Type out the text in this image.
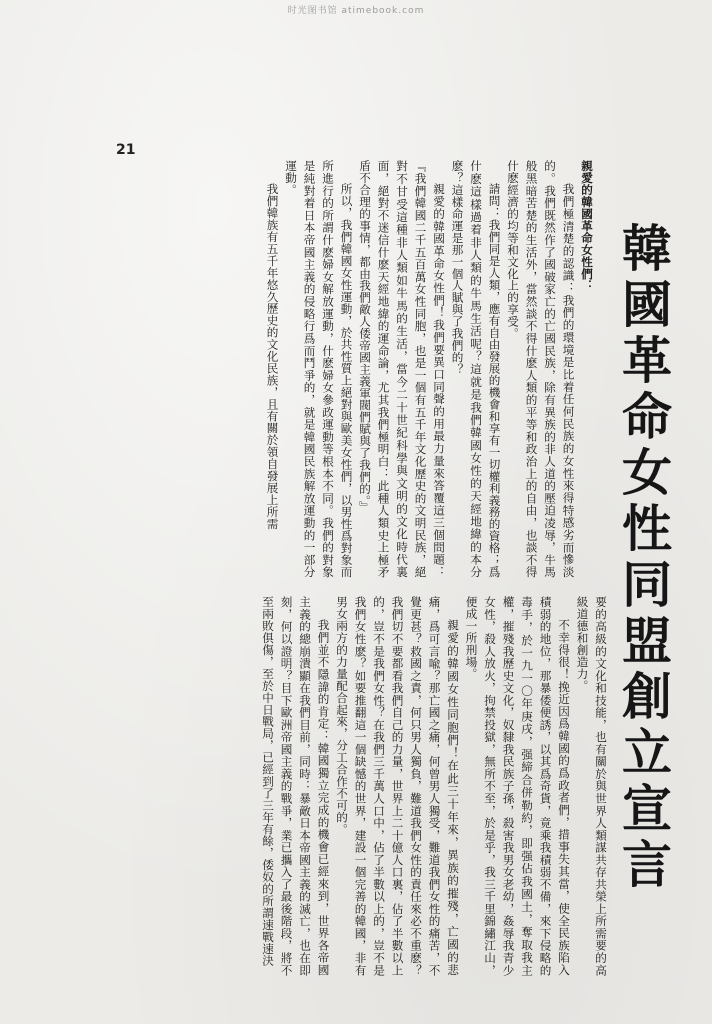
时光图书馆 atimebook.com
21
韓國革命女性同盟創立宣言

親愛的韓國革命女性們：

我們極清楚的認識：我們的環境是比着任何民族的女性來得特感劣而慘淡的。我們既然作了國破家亡的亡國民族，除有異族的非人道的壓迫凌辱，牛馬般黑暗苦楚的生活外，當然談不得什麽人類的平等和政治上的自由，也談不得什麽經濟的均等和文化上的享受。

請問：我們同是人類，應有自由發展的機會和享有一切權利義務的資格；爲什麽這樣過着非人類的牛馬生活呢？這就是我們韓國女性的天經地緯的本分麽？這樣命運是那一個人賦與了我們的？

親愛的韓國革命女性們！我們要異口同聲的用最力量來答覆這三個問題：『我們韓國二千五百萬女性同胞，也是一個有五千年文化歷史的文明民族，絕對不甘受這種非人類如牛馬的生活，當今二十世紀科學與文明的文化時代裏面，絕對不迷信什麽天經地緯的運命論，尤其我們極明白：此種人類史上極矛盾不合理的事情，都由我們敵人倭帝國主義軍閥們賦與了我們的。』

所以，我們韓國女性運動，於共性質上絕對與歐美女性們，以男性爲對象而所進行的所謂什麽婦女解放運動，什麽婦女參政運動等根本不同。我們的對象是純對着日本帝國主義的侵略行爲而鬥爭的，就是韓國民族解放運動的一部分運動。

我們韓族有五千年悠久歷史的文化民族，且有關於領自發展上所需

要的高級的文化和技能，也有關於與世界人類謀共存共榮上所需要的高級道德和創造力。

不幸得很！挽近因爲韓國的爲政者們，措事失其當，使全民族陷入積弱的地位，那暴倭便誘，以其爲奇貨，竟乘我積弱不備，來下侵略的毒手，於一九一〇年庚戌，强締合併勒約，即强佔我國土，奪取我主權，摧殘我歷史文化，奴隸我民族子孫，殺害我男女老幼，姦辱我青少女性，殺人放火，拘禁投獄，無所不至，於是乎，我三千里錦繡江山，便成一所刑場。

親愛的韓國女性同胞們！在此三十年來，異族的摧殘，亡國的悲痛，爲可言喩？那亡國之痛，何曾男人獨受，難道我們女性的痛苦，不覺更甚？救國之責，何只男人獨負，難道我們女性的責任來必不重麽？我們切不要都看我們自己的力量，世界上二十億人口裏，佔了半數以上的，豈不是我們女性？在我們三千萬人口中，佔了半數以上的，豈不是我們女性麽？如要推翻這一個缺憾的世界，建設一個完善的韓國，非有男女兩方的力量配合起來，分工合作不可的。

我們並不隱諱的肯定：韓國獨立完成的機會已經來到，世界各帝國主義的總崩潰顯在我們目前，同時：暴敵日本帝國主義的滅亡，也在即刻，何以證明？目下歐洲帝國主義的戰爭，業已攜入了最後階段，將不至兩敗俱傷，至於中日戰局，已經到了三年有餘，倭奴的所謂速戰速決
